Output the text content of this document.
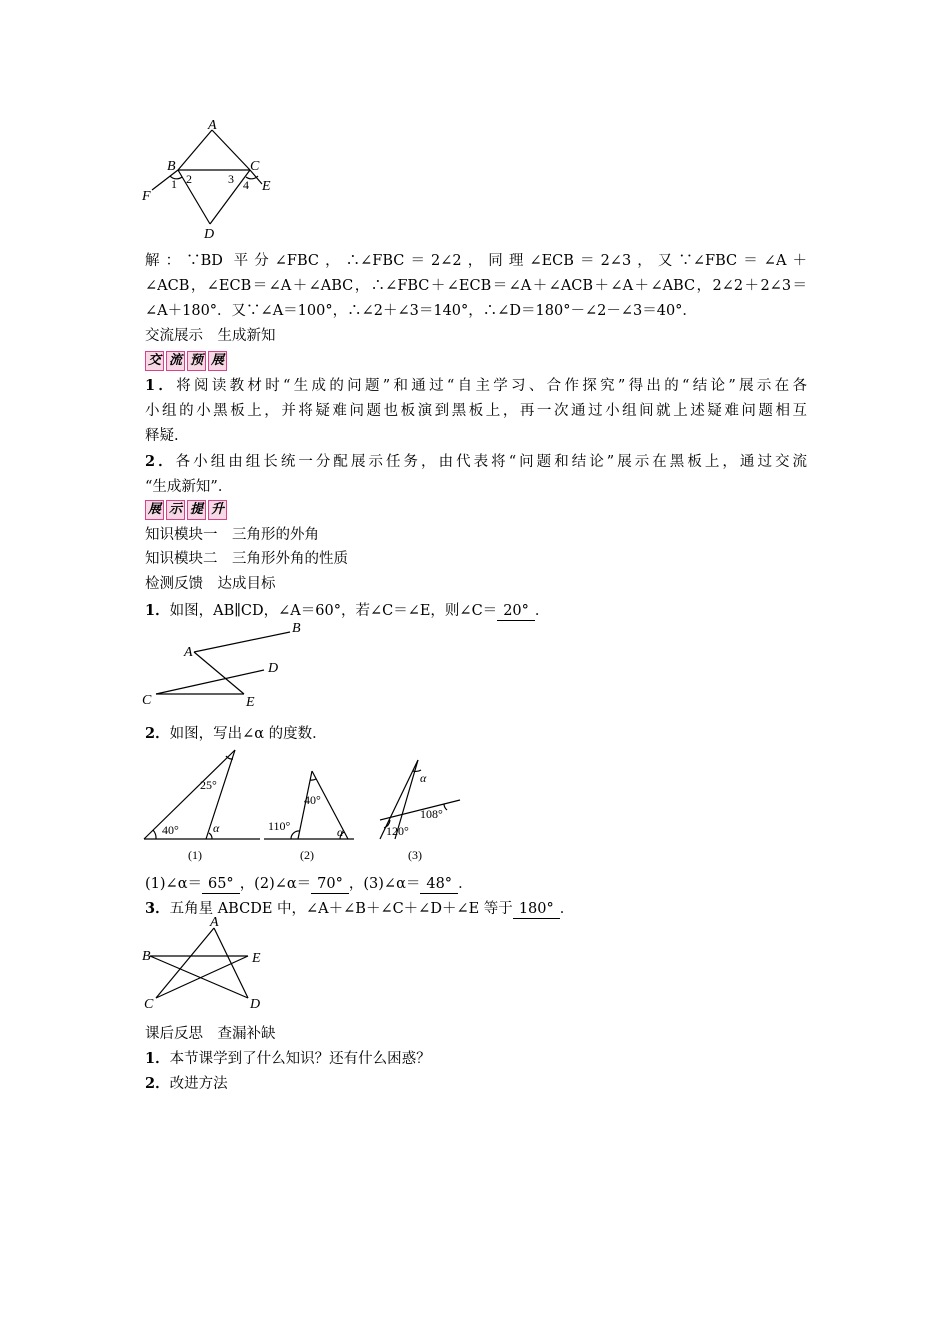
A
B	C
D
E
F
1 2	3 4
解：∵BD 平分∠FBC，∴∠FBC＝2∠2，同理∠ECB＝2∠3，又∵∠FBC＝∠A＋
∠ACB，∠ECB＝∠A＋∠ABC，∴∠FBC＋∠ECB＝∠A＋∠ACB＋∠A＋∠ABC，2∠2＋2∠3＝
∠A＋180°．又∵∠A＝100°，∴∠2＋∠3＝140°，∴∠D＝180°－∠2－∠3＝40°．
交流展示　生成新知
交 流 预 展
1．将阅读教材时“生成的问题”和通过“自主学习、合作探究”得出的“结论”展示在各
小组的小黑板上，并将疑难问题也板演到黑板上，再一次通过小组间就上述疑难问题相互
释疑.
2．各小组由组长统一分配展示任务，由代表将“问题和结论”展示在黑板上，通过交流
“生成新知”．
展 示 提 升
知识模块一　三角形的外角
知识模块二　三角形外角的性质
检测反馈　达成目标
1．如图，AB∥CD，∠A＝60°，若∠C＝∠E，则∠C＝ 20° ．
A
B
C
D
E
2．如图，写出∠α 的度数．
25°
40°	α
(1)
40°
110°	α
(2)
α
108°
120°
(3)
(1)∠α＝ 65° ，(2)∠α＝ 70° ，(3)∠α＝ 48° ．
3．五角星 ABCDE 中，∠A＋∠B＋∠C＋∠D＋∠E 等于 180° ．
A
B
C	D
E
课后反思　查漏补缺
1．本节课学到了什么知识？还有什么困惑？
2．改进方法
